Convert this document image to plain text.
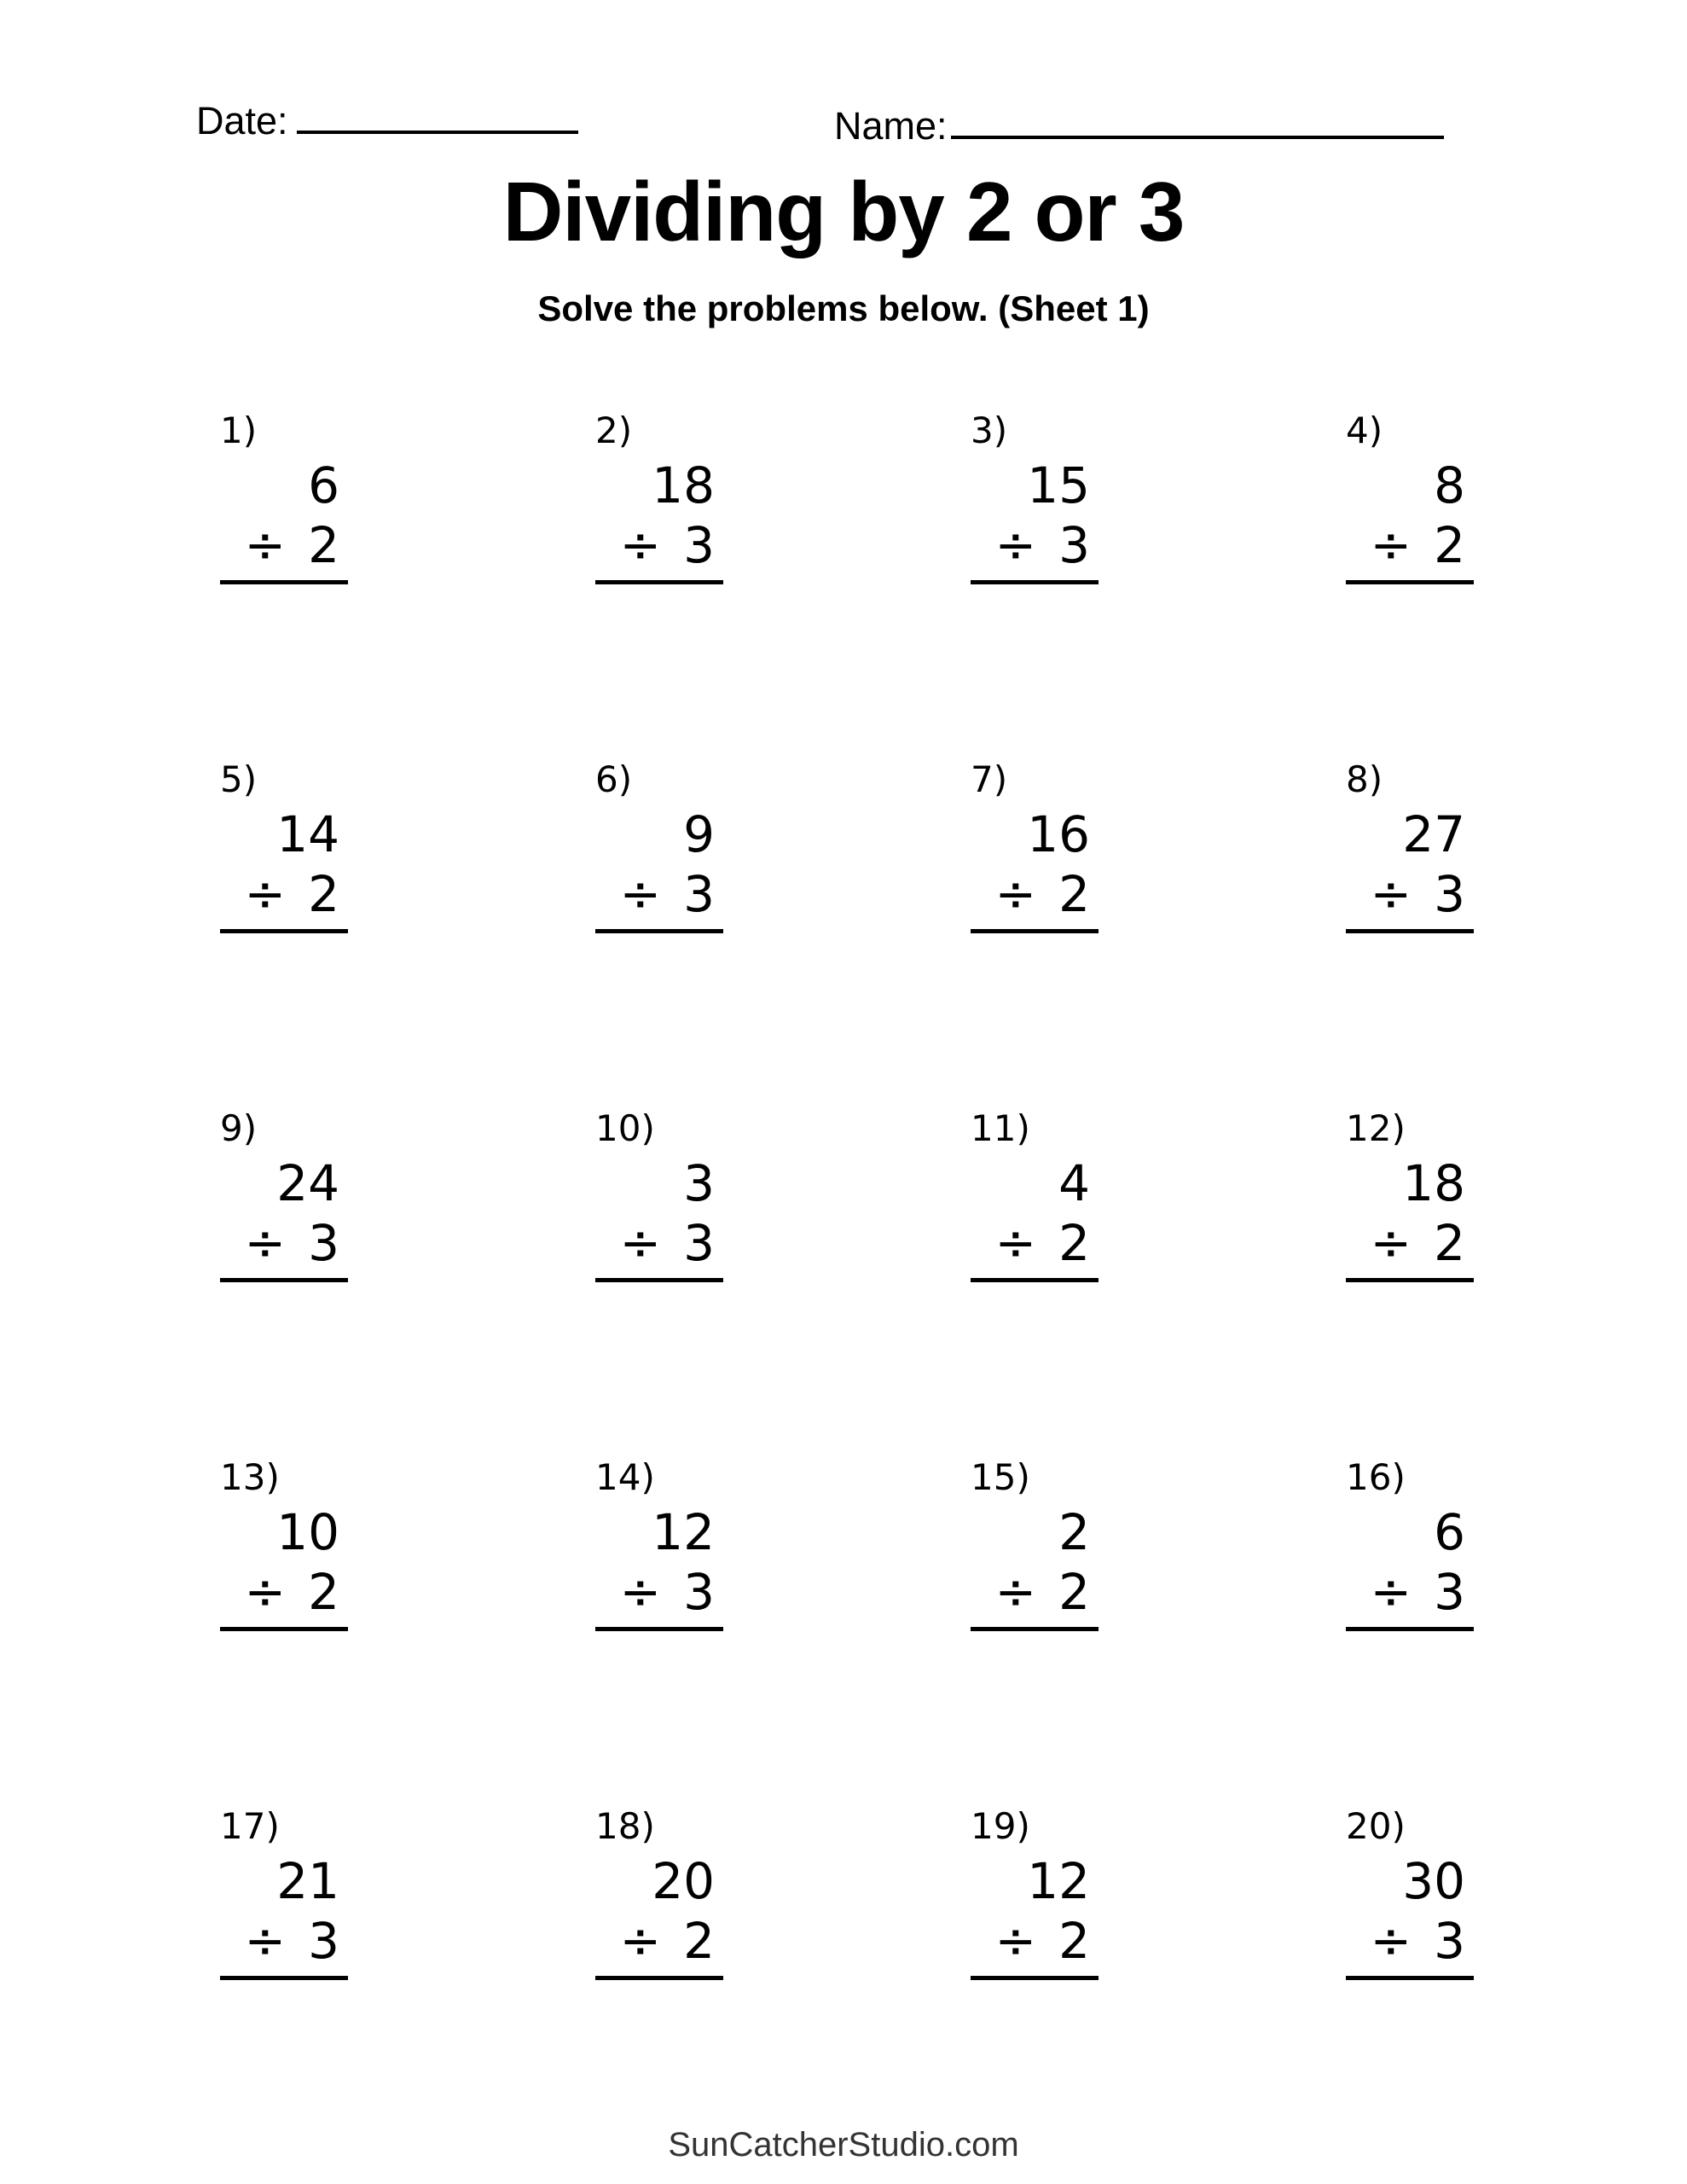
Date:	Name:
Dividing by 2 or 3
Solve the problems below. (Sheet 1)
1)
6
÷ 2
2)
18
÷ 3
3)
15
÷ 3
4)
8
÷ 2
5)
14
÷ 2
6)
9
÷ 3
7)
16
÷ 2
8)
27
÷ 3
9)
24
÷ 3
10)
3
÷ 3
11)
4
÷ 2
12)
18
÷ 2
13)
10
÷ 2
14)
12
÷ 3
15)
2
÷ 2
16)
6
÷ 3
17)
21
÷ 3
18)
20
÷ 2
19)
12
÷ 2
20)
30
÷ 3
SunCatcherStudio.com
